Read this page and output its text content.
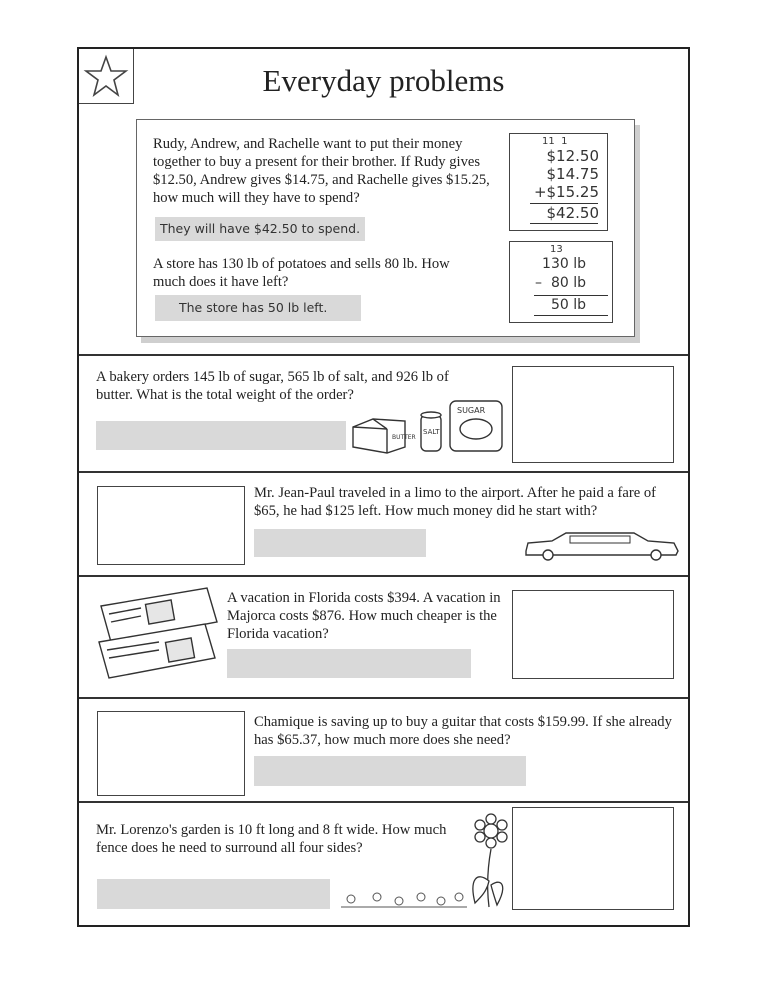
Everyday problems
Rudy, Andrew, and Rachelle want to put their money together to buy a present for their brother. If Rudy gives $12.50, Andrew gives $14.75, and Rachelle gives $15.25, how much will they have to spend?
They will have $42.50 to spend.
11  1
$12.50
$14.75
+$15.25
$42.50
A store has 130 lb of potatoes and sells 80 lb. How much does it have left?
The store has 50 lb left.
13
130 lb
–  80 lb
50 lb
A bakery orders 145 lb of sugar, 565 lb of salt, and 926 lb of butter. What is the total weight of the order?
BUTTER
SALT
SUGAR
Mr. Jean-Paul traveled in a limo to the airport. After he paid a fare of $65, he had $125 left. How much money did he start with?
A vacation in Florida costs $394. A vacation in Majorca costs $876. How much cheaper is the Florida vacation?
Chamique is saving up to buy a guitar that costs $159.99. If she already has $65.37, how much more does she need?
Mr. Lorenzo's garden is 10 ft long and 8 ft wide. How much fence does he need to surround all four sides?
